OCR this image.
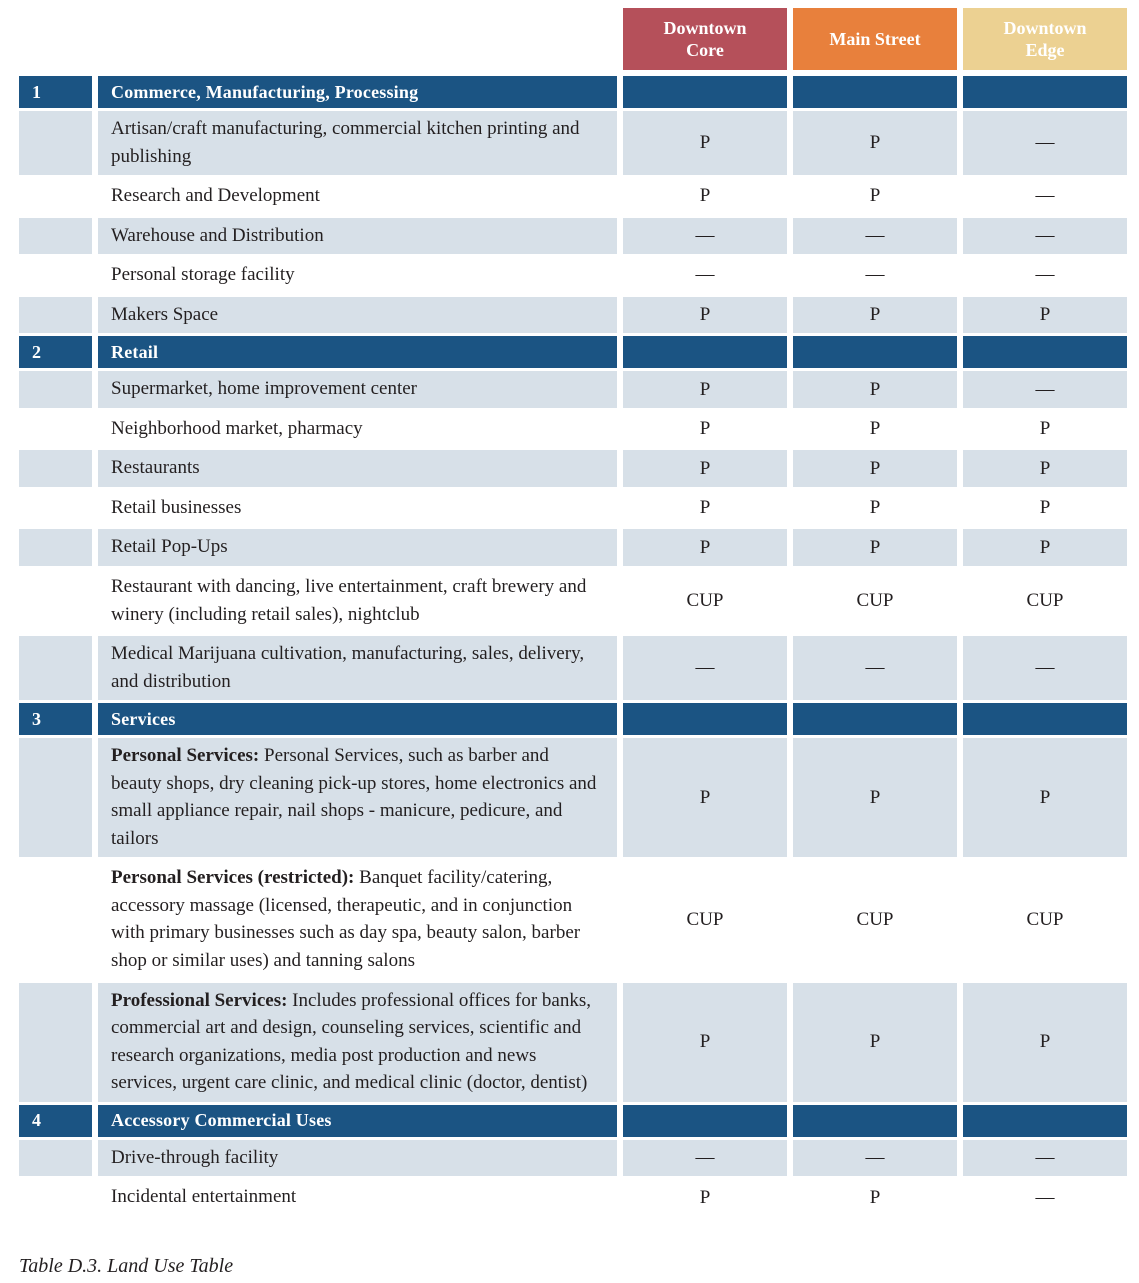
Downtown Core
Main Street
Downtown Edge
1	Commerce, Manufacturing, Processing
Artisan/craft manufacturing, commercial kitchen printing and publishing
P	P	—
Research and Development	P	P	—
Warehouse and Distribution	—	—	—
Personal storage facility	—	—	—
Makers Space	P	P	P
2	Retail
Supermarket, home improvement center	P	P	—
Neighborhood market, pharmacy	P	P	P
Restaurants	P	P	P
Retail businesses	P	P	P
Retail Pop-Ups	P	P	P
Restaurant with dancing, live entertainment, craft brewery and winery (including retail sales), nightclub
CUP	CUP	CUP
Medical Marijuana cultivation, manufacturing, sales, delivery, and distribution
—	—	—
3	Services
Personal Services: Personal Services, such as barber and beauty shops, dry cleaning pick-up stores, home electronics and small appliance repair, nail shops - manicure, pedicure, and tailors
P	P	P
Personal Services (restricted): Banquet facility/catering, accessory massage (licensed, therapeutic, and in conjunction with primary businesses such as day spa, beauty salon, barber shop or similar uses) and tanning salons
CUP	CUP	CUP
Professional Services: Includes professional offices for banks, commercial art and design, counseling services, scientific and research organizations, media post production and news services, urgent care clinic, and medical clinic (doctor, dentist)
P	P	P
4	Accessory Commercial Uses
Drive-through facility	—	—	—
Incidental entertainment	P	P	—
Table D.3. Land Use Table
